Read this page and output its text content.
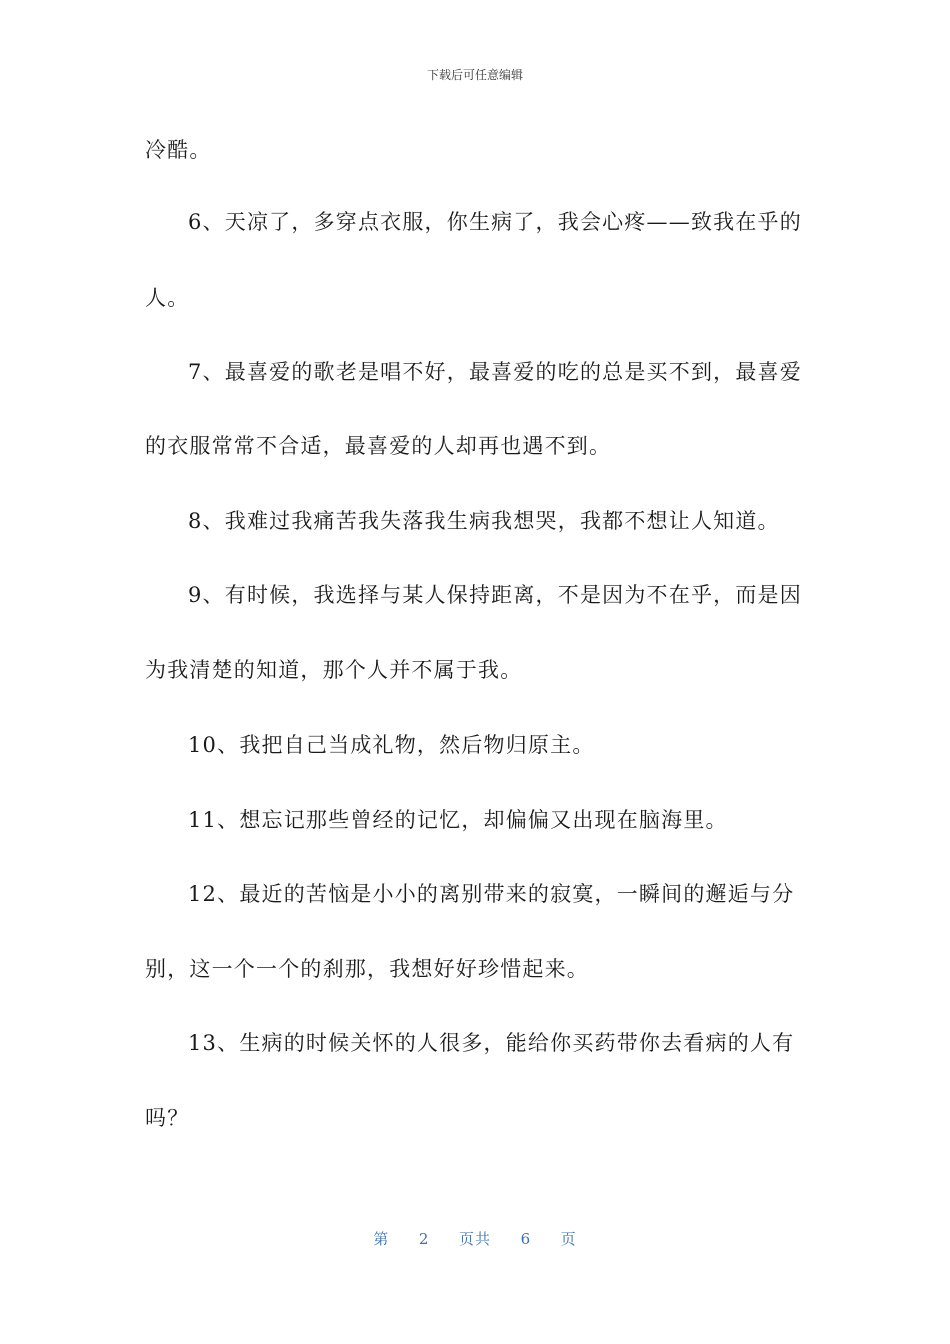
下载后可任意编辑
冷酷。
6、天凉了，多穿点衣服，你生病了，我会心疼——致我在乎的
人。
7、最喜爱的歌老是唱不好，最喜爱的吃的总是买不到，最喜爱
的衣服常常不合适，最喜爱的人却再也遇不到。
8、我难过我痛苦我失落我生病我想哭，我都不想让人知道。
9、有时候，我选择与某人保持距离，不是因为不在乎，而是因
为我清楚的知道，那个人并不属于我。
10、我把自己当成礼物，然后物归原主。
11、想忘记那些曾经的记忆，却偏偏又出现在脑海里。
12、最近的苦恼是小小的离别带来的寂寞，一瞬间的邂逅与分
别，这一个一个的刹那，我想好好珍惜起来。
13、生病的时候关怀的人很多，能给你买药带你去看病的人有
吗？
第 2 页共 6 页
